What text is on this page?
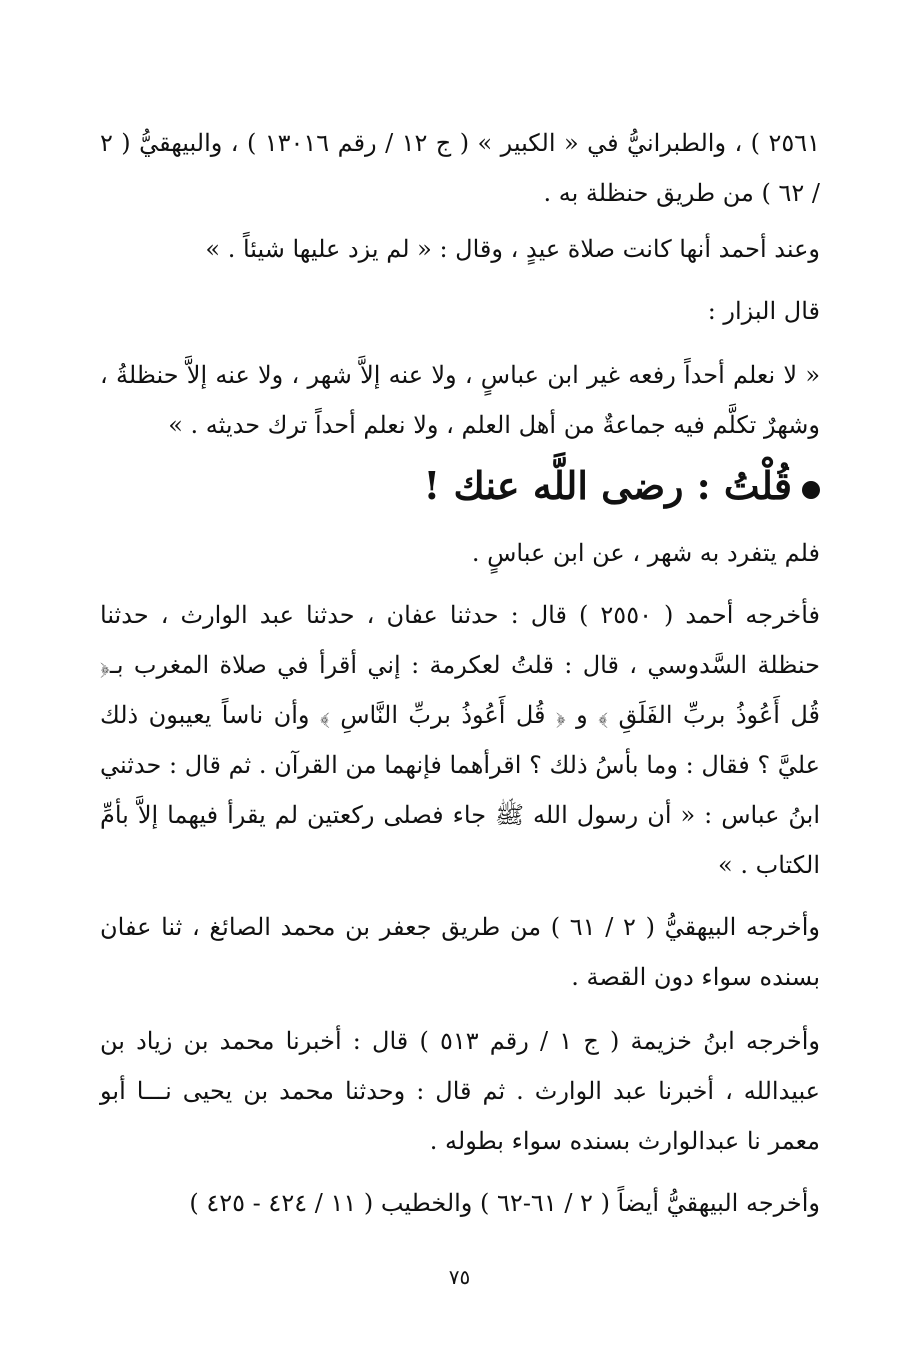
٢٥٦١ ) ، والطبرانيُّ في « الكبير » ( ج ١٢ / رقم ١٣٠١٦ ) ، والبيهقيُّ ( ٢ / ٦٢ ) من طريق حنظلة به .

وعند أحمد أنها كانت صلاة عيدٍ ، وقال : « لم يزد عليها شيئاً . »

قال البزار :

« لا نعلم أحداً رفعه غير ابن عباسٍ ، ولا عنه إلاَّ شهر ، ولا عنه إلاَّ حنظلةُ ، وشهرٌ تكلَّم فيه جماعةٌ من أهل العلم ، ولا نعلم أحداً ترك حديثه . »

قُلْتُ : رضى اللَّه عنك !

فلم يتفرد به شهر ، عن ابن عباسٍ .

فأخرجه أحمد ( ٢٥٥٠ ) قال : حدثنا عفان ، حدثنا عبد الوارث ، حدثنا حنظلة السَّدوسي ، قال : قلتُ لعكرمة : إني أقرأ في صلاة المغرب بـ﴿ قُل أَعُوذُ بربِّ الفَلَقِ ﴾ و ﴿ قُل أَعُوذُ بربِّ النَّاسِ ﴾ وأن ناساً يعيبون ذلك عليَّ ؟ فقال : وما بأسُ ذلك ؟ اقرأهما فإنهما من القرآن . ثم قال : حدثني ابنُ عباس : « أن رسول الله ﷺ جاء فصلى ركعتين لم يقرأ فيهما إلاَّ بأمِّ الكتاب . »

وأخرجه البيهقيُّ ( ٢ / ٦١ ) من طريق جعفر بن محمد الصائغ ، ثنا عفان بسنده سواء دون القصة .

وأخرجه ابنُ خزيمة ( ج ١ / رقم ٥١٣ ) قال : أخبرنا محمد بن زياد بن عبيدالله ، أخبرنا عبد الوارث . ثم قال : وحدثنا محمد بن يحيى نـــا أبو معمر نا عبدالوارث بسنده سواء بطوله .

وأخرجه البيهقيُّ أيضاً ( ٢ / ٦١-٦٢ ) والخطيب ( ١١ / ٤٢٤ - ٤٢٥ )

٧٥
